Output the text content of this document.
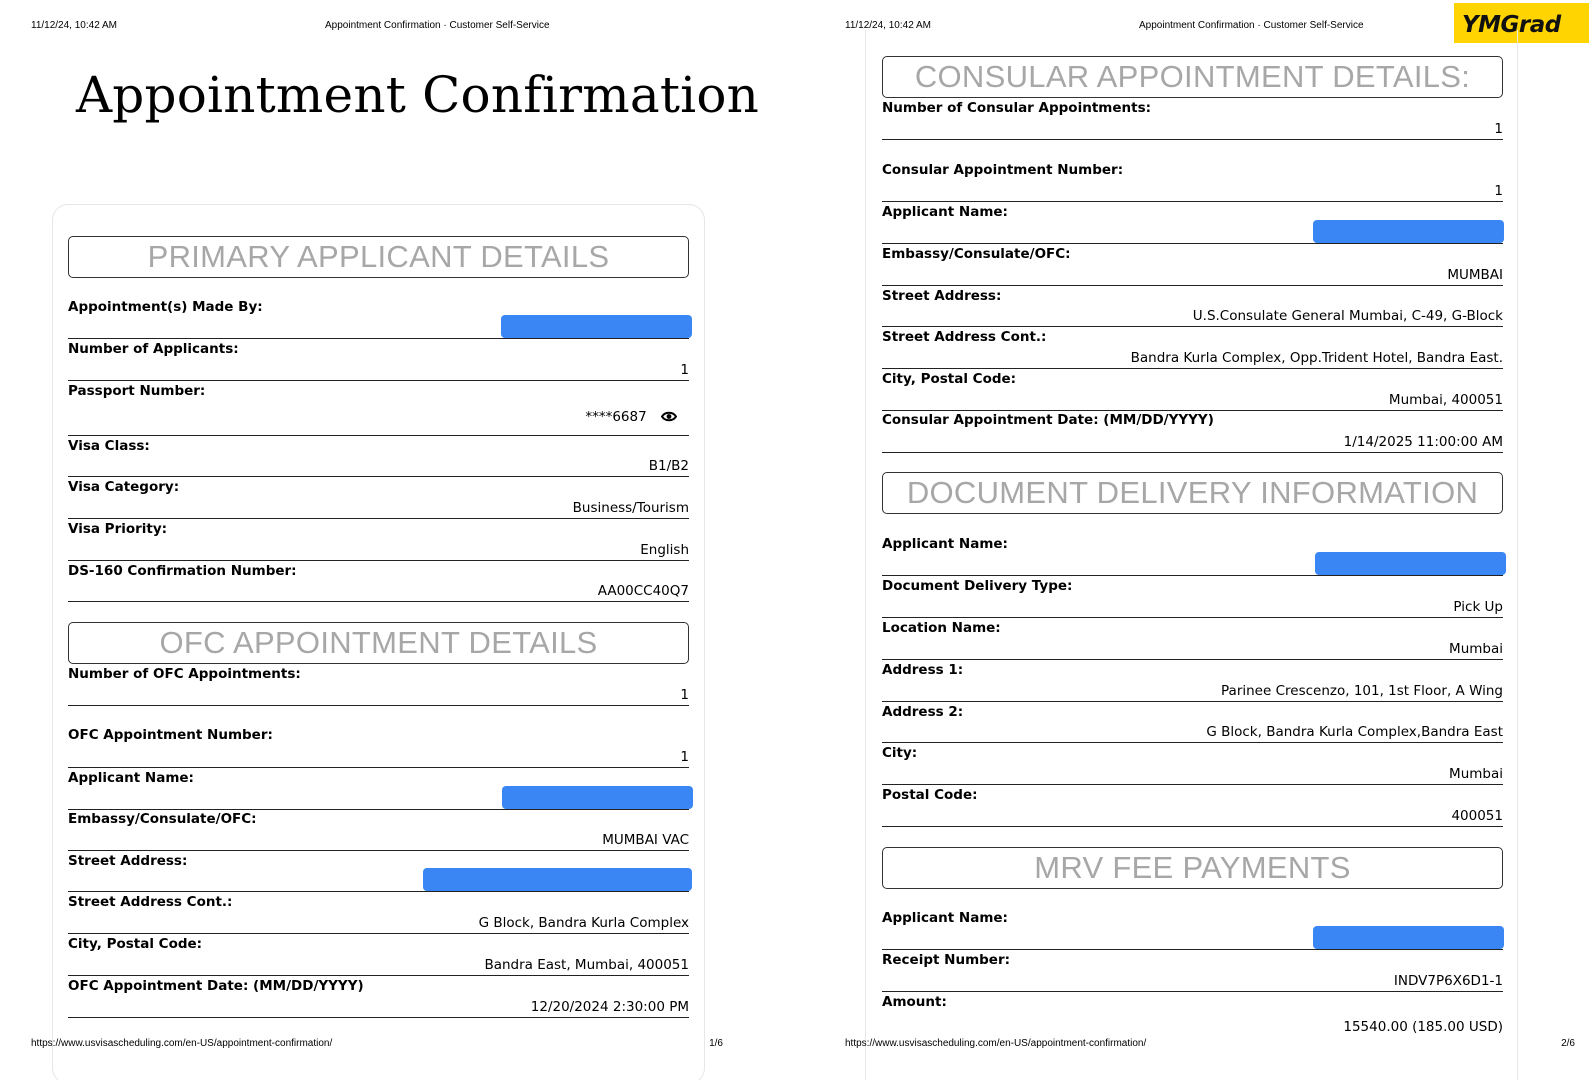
11/12/24, 10:42 AM	Appointment Confirmation · Customer Self-Service
Appointment Confirmation
PRIMARY APPLICANT DETAILS
Appointment(s) Made By:
Number of Applicants:
1
Passport Number:
****6687
Visa Class:
B1/B2
Visa Category:
Business/Tourism
Visa Priority:
English
DS-160 Confirmation Number:
AA00CC40Q7
OFC APPOINTMENT DETAILS
Number of OFC Appointments:
1
OFC Appointment Number:
1
Applicant Name:
Embassy/Consulate/OFC:
MUMBAI VAC
Street Address:
Street Address Cont.:
G Block, Bandra Kurla Complex
City, Postal Code:
Bandra East, Mumbai, 400051
OFC Appointment Date: (MM/DD/YYYY)
12/20/2024 2:30:00 PM
https://www.usvisascheduling.com/en-US/appointment-confirmation/	1/6
11/12/24, 10:42 AM	Appointment Confirmation · Customer Self-Service	YMGrad
CONSULAR APPOINTMENT DETAILS:
Number of Consular Appointments:
1
Consular Appointment Number:
1
Applicant Name:
Embassy/Consulate/OFC:
MUMBAI
Street Address:
U.S.Consulate General Mumbai, C-49, G-Block
Street Address Cont.:
Bandra Kurla Complex, Opp.Trident Hotel, Bandra East.
City, Postal Code:
Mumbai, 400051
Consular Appointment Date: (MM/DD/YYYY)
1/14/2025 11:00:00 AM
DOCUMENT DELIVERY INFORMATION
Applicant Name:
Document Delivery Type:
Pick Up
Location Name:
Mumbai
Address 1:
Parinee Crescenzo, 101, 1st Floor, A Wing
Address 2:
G Block, Bandra Kurla Complex,Bandra East
City:
Mumbai
Postal Code:
400051
MRV FEE PAYMENTS
Applicant Name:
Receipt Number:
INDV7P6X6D1-1
Amount:
15540.00 (185.00 USD)
https://www.usvisascheduling.com/en-US/appointment-confirmation/	2/6
